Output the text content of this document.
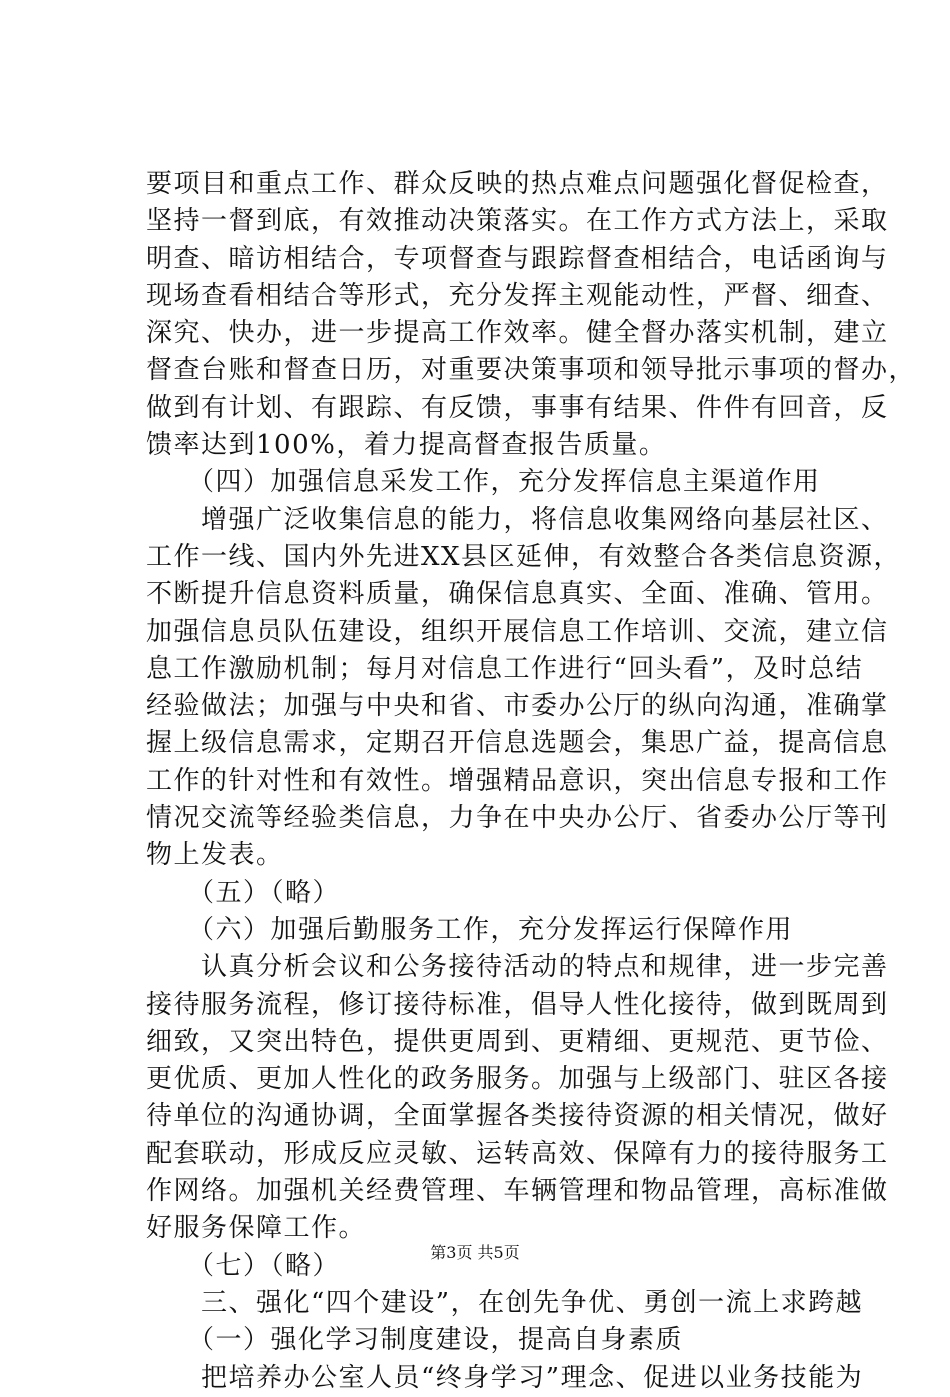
要项目和重点工作、群众反映的热点难点问题强化督促检查，
坚持一督到底，有效推动决策落实。在工作方式方法上，采取
明查、暗访相结合，专项督查与跟踪督查相结合，电话函询与
现场查看相结合等形式，充分发挥主观能动性，严督、细查、
深究、快办，进一步提高工作效率。健全督办落实机制，建立
督查台账和督查日历，对重要决策事项和领导批示事项的督办，
做到有计划、有跟踪、有反馈，事事有结果、件件有回音，反
馈率达到100%，着力提高督查报告质量。
　　（四）加强信息采发工作，充分发挥信息主渠道作用
　　增强广泛收集信息的能力，将信息收集网络向基层社区、
工作一线、国内外先进XX县区延伸，有效整合各类信息资源，
不断提升信息资料质量，确保信息真实、全面、准确、管用。
加强信息员队伍建设，组织开展信息工作培训、交流，建立信
息工作激励机制；每月对信息工作进行“回头看”，及时总结
经验做法；加强与中央和省、市委办公厅的纵向沟通，准确掌
握上级信息需求，定期召开信息选题会，集思广益，提高信息
工作的针对性和有效性。增强精品意识，突出信息专报和工作
情况交流等经验类信息，力争在中央办公厅、省委办公厅等刊
物上发表。
　　（五）（略）
　　（六）加强后勤服务工作，充分发挥运行保障作用
　　认真分析会议和公务接待活动的特点和规律，进一步完善
接待服务流程，修订接待标准，倡导人性化接待，做到既周到
细致，又突出特色，提供更周到、更精细、更规范、更节俭、
更优质、更加人性化的政务服务。加强与上级部门、驻区各接
待单位的沟通协调，全面掌握各类接待资源的相关情况，做好
配套联动，形成反应灵敏、运转高效、保障有力的接待服务工
作网络。加强机关经费管理、车辆管理和物品管理，高标准做
好服务保障工作。
　　（七）（略）
　　三、强化“四个建设”，在创先争优、勇创一流上求跨越
　　（一）强化学习制度建设，提高自身素质
　　把培养办公室人员“终身学习”理念、促进以业务技能为
第3页 共5页
